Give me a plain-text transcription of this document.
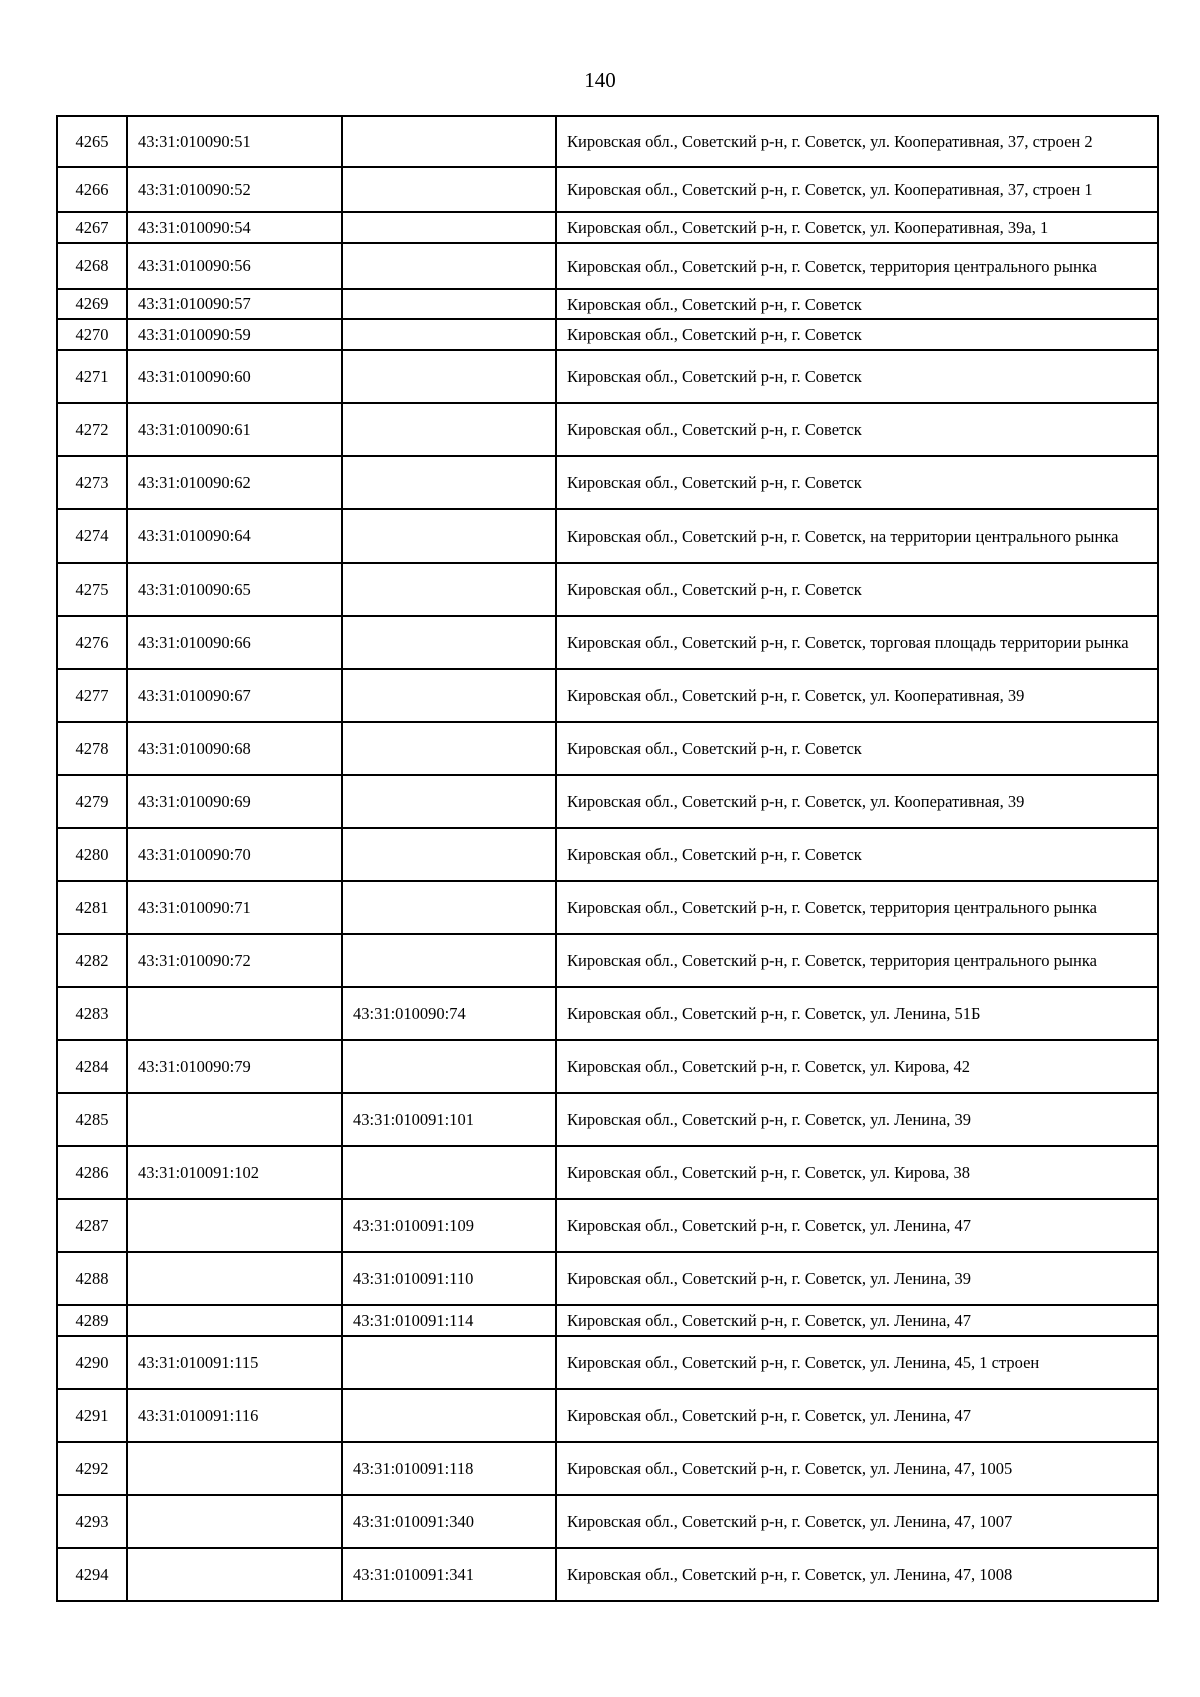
140
4265	43:31:010090:51		Кировская обл., Советский р-н, г. Советск, ул. Кооперативная, 37, строен 2
4266	43:31:010090:52		Кировская обл., Советский р-н, г. Советск, ул. Кооперативная, 37, строен 1
4267	43:31:010090:54		Кировская обл., Советский р-н, г. Советск, ул. Кооперативная, 39а, 1
4268	43:31:010090:56		Кировская обл., Советский р-н, г. Советск, территория центрального рынка
4269	43:31:010090:57		Кировская обл., Советский р-н, г. Советск
4270	43:31:010090:59		Кировская обл., Советский р-н, г. Советск
4271	43:31:010090:60		Кировская обл., Советский р-н, г. Советск
4272	43:31:010090:61		Кировская обл., Советский р-н, г. Советск
4273	43:31:010090:62		Кировская обл., Советский р-н, г. Советск
4274	43:31:010090:64		Кировская обл., Советский р-н, г. Советск, на территории центрального рынка
4275	43:31:010090:65		Кировская обл., Советский р-н, г. Советск
4276	43:31:010090:66		Кировская обл., Советский р-н, г. Советск, торговая площадь территории рынка
4277	43:31:010090:67		Кировская обл., Советский р-н, г. Советск, ул. Кооперативная, 39
4278	43:31:010090:68		Кировская обл., Советский р-н, г. Советск
4279	43:31:010090:69		Кировская обл., Советский р-н, г. Советск, ул. Кооперативная, 39
4280	43:31:010090:70		Кировская обл., Советский р-н, г. Советск
4281	43:31:010090:71		Кировская обл., Советский р-н, г. Советск, территория центрального рынка
4282	43:31:010090:72		Кировская обл., Советский р-н, г. Советск, территория центрального рынка
4283		43:31:010090:74	Кировская обл., Советский р-н, г. Советск, ул. Ленина, 51Б
4284	43:31:010090:79		Кировская обл., Советский р-н, г. Советск, ул. Кирова, 42
4285		43:31:010091:101	Кировская обл., Советский р-н, г. Советск, ул. Ленина, 39
4286	43:31:010091:102		Кировская обл., Советский р-н, г. Советск, ул. Кирова, 38
4287		43:31:010091:109	Кировская обл., Советский р-н, г. Советск, ул. Ленина, 47
4288		43:31:010091:110	Кировская обл., Советский р-н, г. Советск, ул. Ленина, 39
4289		43:31:010091:114	Кировская обл., Советский р-н, г. Советск, ул. Ленина, 47
4290	43:31:010091:115		Кировская обл., Советский р-н, г. Советск, ул. Ленина, 45, 1 строен
4291	43:31:010091:116		Кировская обл., Советский р-н, г. Советск, ул. Ленина, 47
4292		43:31:010091:118	Кировская обл., Советский р-н, г. Советск, ул. Ленина, 47, 1005
4293		43:31:010091:340	Кировская обл., Советский р-н, г. Советск, ул. Ленина, 47, 1007
4294		43:31:010091:341	Кировская обл., Советский р-н, г. Советск, ул. Ленина, 47, 1008
